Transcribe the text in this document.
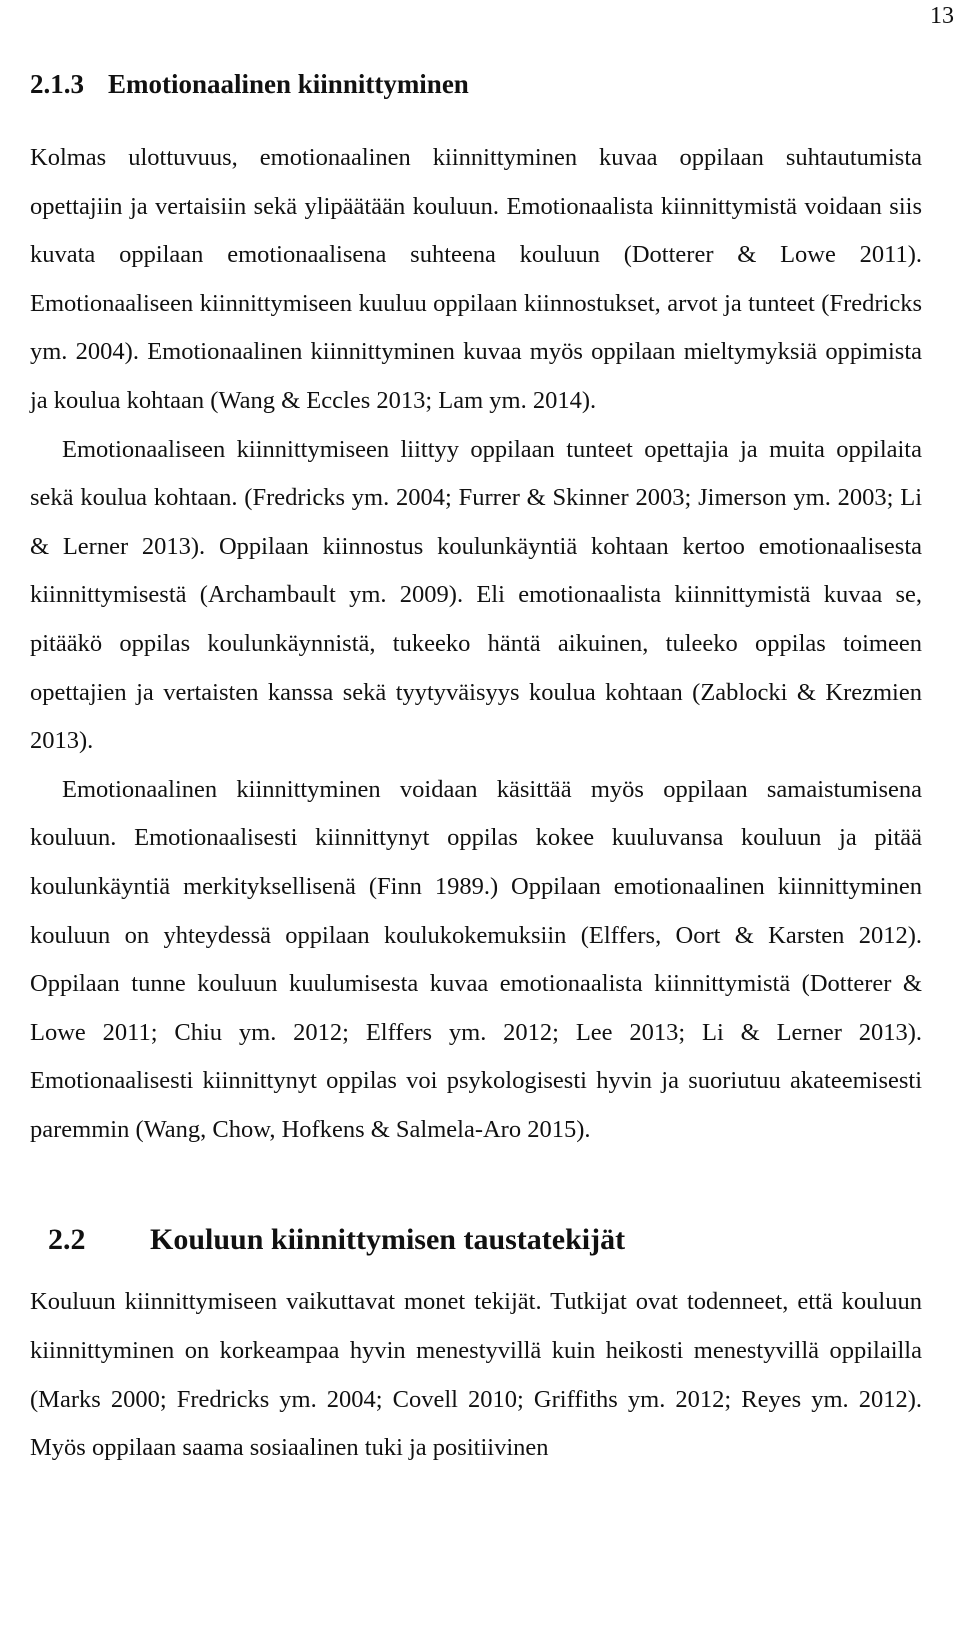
13
2.1.3 Emotionaalinen kiinnittyminen

Kolmas ulottuvuus, emotionaalinen kiinnittyminen kuvaa oppilaan suhtautumista opettajiin ja vertaisiin sekä ylipäätään kouluun. Emotionaalista kiinnittymistä voidaan siis kuvata oppilaan emotionaalisena suhteena kouluun (Dotterer & Lowe 2011). Emotionaaliseen kiinnittymiseen kuuluu oppilaan kiinnostukset, arvot ja tunteet (Fredricks ym. 2004). Emotionaalinen kiinnittyminen kuvaa myös oppilaan mieltymyksiä oppimista ja koulua kohtaan (Wang & Eccles 2013; Lam ym. 2014).

Emotionaaliseen kiinnittymiseen liittyy oppilaan tunteet opettajia ja muita oppilaita sekä koulua kohtaan. (Fredricks ym. 2004; Furrer & Skinner 2003; Jimerson ym. 2003; Li & Lerner 2013). Oppilaan kiinnostus koulunkäyntiä kohtaan kertoo emotionaalisesta kiinnittymisestä (Archambault ym. 2009). Eli emotionaalista kiinnittymistä kuvaa se, pitääkö oppilas koulunkäynnistä, tukeeko häntä aikuinen, tuleeko oppilas toimeen opettajien ja vertaisten kanssa sekä tyytyväisyys koulua kohtaan (Zablocki & Krezmien 2013).

Emotionaalinen kiinnittyminen voidaan käsittää myös oppilaan samaistumisena kouluun. Emotionaalisesti kiinnittynyt oppilas kokee kuuluvansa kouluun ja pitää koulunkäyntiä merkityksellisenä (Finn 1989.) Oppilaan emotionaalinen kiinnittyminen kouluun on yhteydessä oppilaan koulukokemuksiin (Elffers, Oort & Karsten 2012). Oppilaan tunne kouluun kuulumisesta kuvaa emotionaalista kiinnittymistä (Dotterer & Lowe 2011; Chiu ym. 2012; Elffers ym. 2012; Lee 2013; Li & Lerner 2013). Emotionaalisesti kiinnittynyt oppilas voi psykologisesti hyvin ja suoriutuu akateemisesti paremmin (Wang, Chow, Hofkens & Salmela-Aro 2015).

2.2 Kouluun kiinnittymisen taustatekijät

Kouluun kiinnittymiseen vaikuttavat monet tekijät. Tutkijat ovat todenneet, että kouluun kiinnittyminen on korkeampaa hyvin menestyvillä kuin heikosti menestyvillä oppilailla (Marks 2000; Fredricks ym. 2004; Covell 2010; Griffiths ym. 2012; Reyes ym. 2012). Myös oppilaan saama sosiaalinen tuki ja positiivinen
